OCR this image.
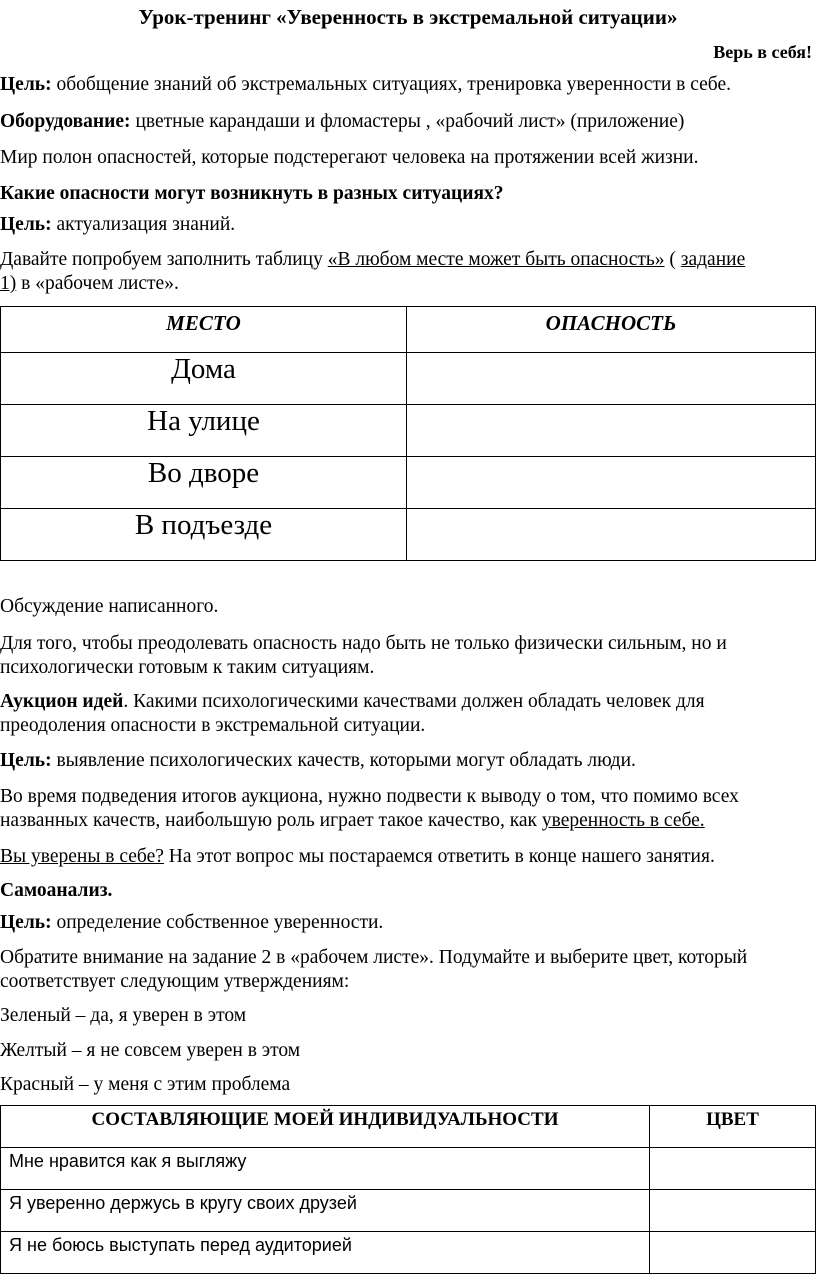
Урок-тренинг «Уверенность в экстремальной ситуации»
Верь в себя!
Цель: обобщение знаний об экстремальных ситуациях, тренировка уверенности в себе.
Оборудование: цветные карандаши и фломастеры , «рабочий лист» (приложение)
Мир полон опасностей, которые подстерегают человека на протяжении всей жизни.
Какие опасности могут возникнуть в разных ситуациях?
Цель: актуализация знаний.
Давайте попробуем заполнить таблицу «В любом месте может быть опасность» ( задание
1) в «рабочем листе».
МЕСТО	ОПАСНОСТЬ
Дома	
На улице	
Во дворе	
В подъезде	
Обсуждение написанного.
Для того, чтобы преодолевать опасность надо быть не только физически сильным, но и
психологически готовым к таким ситуациям.
Аукцион идей. Какими психологическими качествами должен обладать человек для
преодоления опасности в экстремальной ситуации.
Цель: выявление психологических качеств, которыми могут обладать люди.
Во время подведения итогов аукциона, нужно подвести к выводу о том, что помимо всех
названных качеств, наибольшую роль играет такое качество, как уверенность в себе.
Вы уверены в себе? На этот вопрос мы постараемся ответить в конце нашего занятия.
Самоанализ.
Цель: определение собственное уверенности.
Обратите внимание на задание 2 в «рабочем листе». Подумайте и выберите цвет, который
соответствует следующим утверждениям:
Зеленый – да, я уверен в этом
Желтый – я не совсем уверен в этом
Красный – у меня с этим проблема
СОСТАВЛЯЮЩИЕ МОЕЙ ИНДИВИДУАЛЬНОСТИ	ЦВЕТ
Мне нравится как я выгляжу	
Я уверенно держусь в кругу своих друзей	
Я не боюсь выступать перед аудиторией	
